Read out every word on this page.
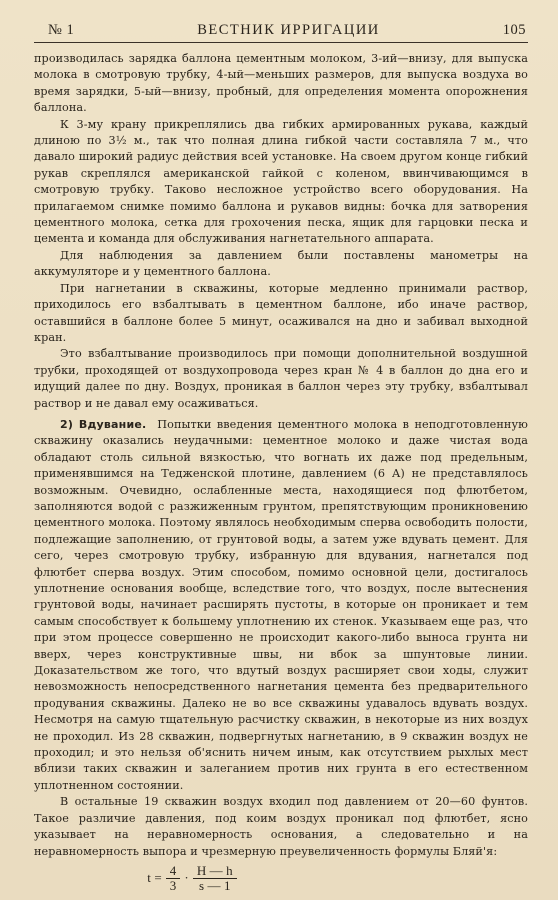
№ 1	ВЕСТНИК ИРРИГАЦИИ	105

производилась зарядка баллона цементным молоком, 3-ий—внизу, для выпуска молока в смотровую трубку, 4-ый—меньших размеров, для выпуска воздуха во время зарядки, 5-ый—внизу, пробный, для определения момента опорожнения баллона.

К 3-му крану прикреплялись два гибких армированных рукава, каждый длиною по 3½ м., так что полная длина гибкой части составляла 7 м., что давало широкий радиус действия всей установке. На своем другом конце гибкий рукав скреплялся американской гайкой с коленом, ввинчивающимся в смотровую трубку. Таково несложное устройство всего оборудования. На прилагаемом снимке помимо баллона и рукавов видны: бочка для затворения цементного молока, сетка для грохочения песка, ящик для гарцовки песка и цемента и команда для обслуживания нагнетательного аппарата.

Для наблюдения за давлением были поставлены манометры на аккумуляторе и у цементного баллона.

При нагнетании в скважины, которые медленно принимали раствор, приходилось его взбалтывать в цементном баллоне, ибо иначе раствор, оставшийся в баллоне более 5 минут, осаживался на дно и забивал выходной кран.

Это взбалтывание производилось при помощи дополнительной воздушной трубки, проходящей от воздухопровода через кран № 4 в баллон до дна его и идущий далее по дну. Воздух, проникая в баллон через эту трубку, взбалтывал раствор и не давал ему осаживаться.

2) Вдувание. Попытки введения цементного молока в неподготовленную скважину оказались неудачными: цементное молоко и даже чистая вода обладают столь сильной вязкостью, что вогнать их даже под предельным, применявшимся на Тедженской плотине, давлением (6 А) не представлялось возможным. Очевидно, ослабленные места, находящиеся под флютбетом, заполняются водой с разжиженным грунтом, препятствующим проникновению цементного молока. Поэтому являлось необходимым сперва освободить полости, подлежащие заполнению, от грунтовой воды, а затем уже вдувать цемент. Для сего, через смотровую трубку, избранную для вдувания, нагнетался под флютбет сперва воздух. Этим способом, помимо основной цели, достигалось уплотнение основания вообще, вследствие того, что воздух, после вытеснения грунтовой воды, начинает расширять пустоты, в которые он проникает и тем самым способствует к большему уплотнению их стенок. Указываем еще раз, что при этом процессе совершенно не происходит какого-либо выноса грунта ни вверх, через конструктивные швы, ни вбок за шпунтовые линии. Доказательством же того, что вдутый воздух расширяет свои ходы, служит невозможность непосредственного нагнетания цемента без предварительного продувания скважины. Далеко не во все скважины удавалось вдувать воздух. Несмотря на самую тщательную расчистку скважин, в некоторые из них воздух не проходил. Из 28 скважин, подвергнутых нагнетанию, в 9 скважин воздух не проходил; и это нельзя об'яснить ничем иным, как отсутствием рыхлых мест вблизи таких скважин и залеганием против них грунта в его естественном уплотненном состоянии.

В остальные 19 скважин воздух входил под давлением от 20—60 фунтов. Такое различие давления, под коим воздух проникал под флютбет, ясно указывает на неравномерность основания, а следовательно и на неравномерность выпора и чрезмерную преувеличенность формулы Бляй'я:

$t = \frac{4}{3} \cdot \frac{H — h}{s — 1}$
